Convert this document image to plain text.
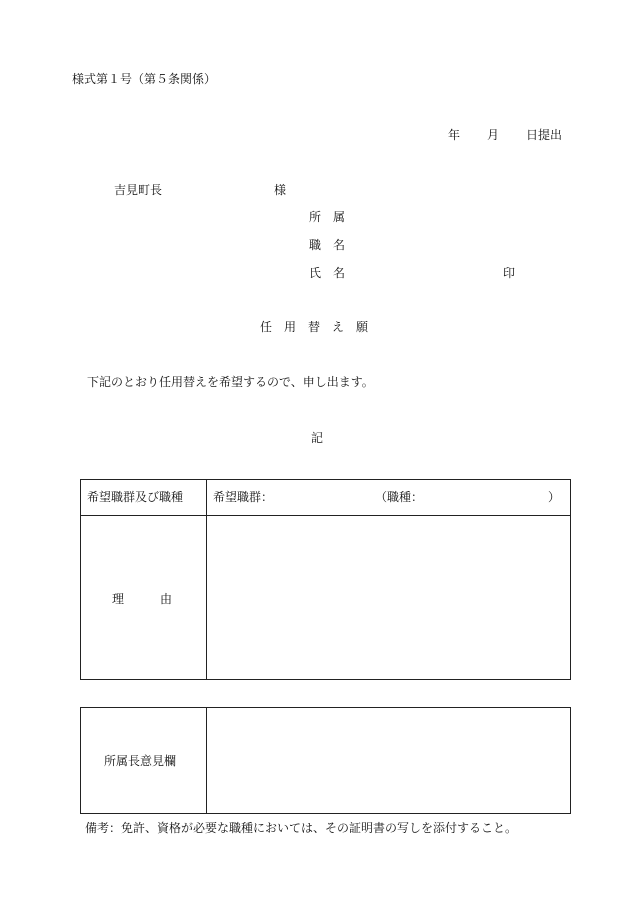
様式第１号（第５条関係）
年 月 日提出
吉見町長	様
所属
職名
氏名	印
任用替え願
下記のとおり任用替えを希望するので、申し出ます。
記
希望職群及び職種 希望職群：	（職種：	）
理由
所属長意見欄
備考：免許、資格が必要な職種においては、その証明書の写しを添付すること。
